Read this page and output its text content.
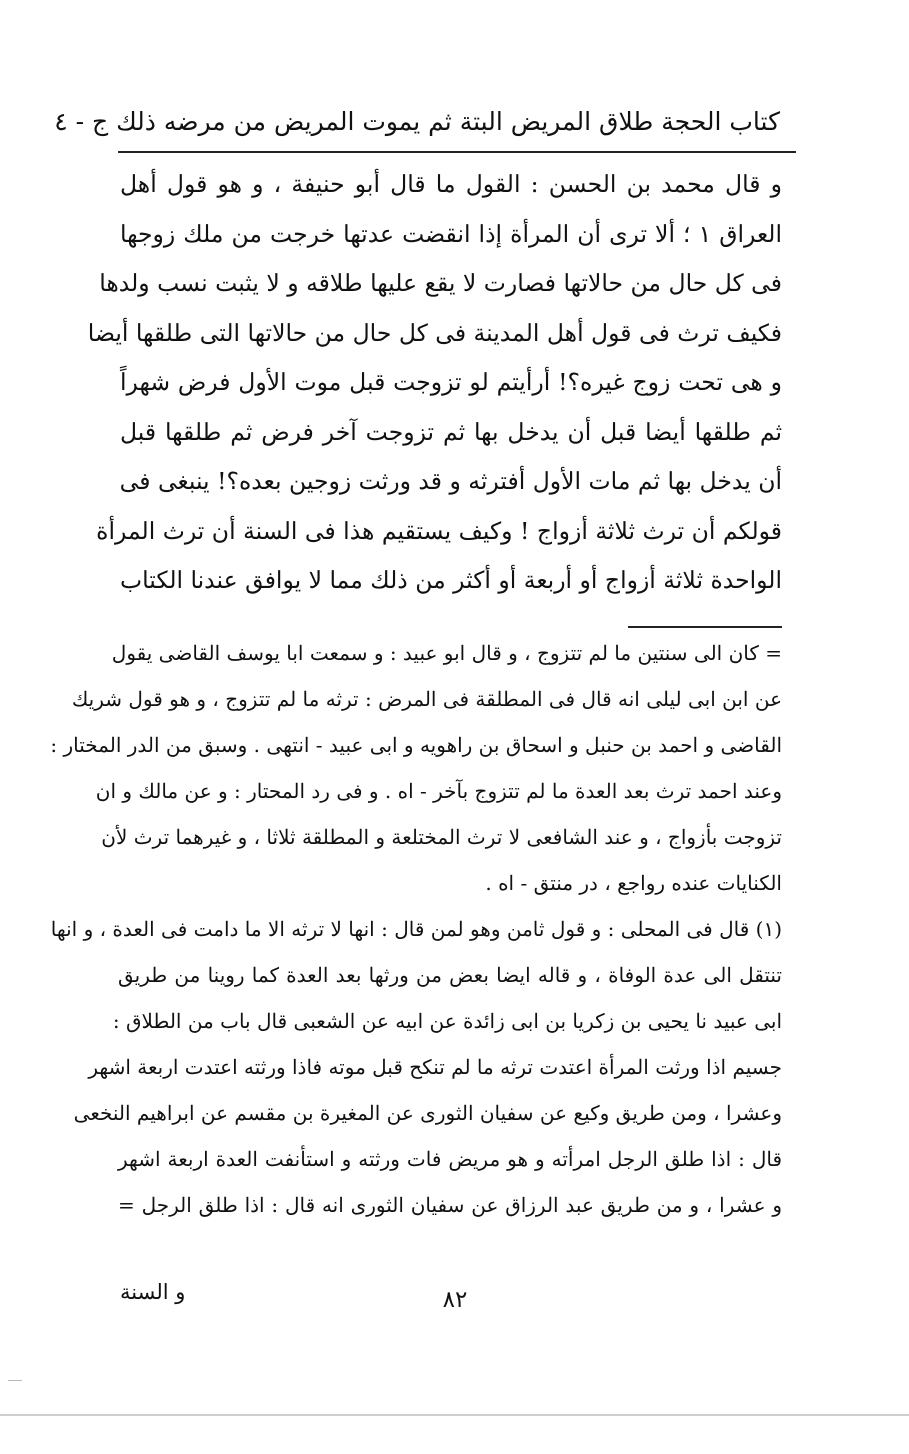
كتاب الحجة طلاق المريض البتة ثم يموت المريض من مرضه ذلك ج - ٤
و قال محمد بن الحسن : القول ما قال أبو حنيفة ، و هو قول أهل
العراق ١ ؛ ألا ترى أن المرأة إذا انقضت عدتها خرجت من ملك زوجها
فى كل حال من حالاتها فصارت لا يقع عليها طلاقه و لا يثبت نسب ولدها
فكيف ترث فى قول أهل المدينة فى كل حال من حالاتها التى طلقها أيضا
و هى تحت زوج غيره؟! أرأيتم لو تزوجت قبل موت الأول فرض شهراً
ثم طلقها أيضا قبل أن يدخل بها ثم تزوجت آخر فرض ثم طلقها قبل
أن يدخل بها ثم مات الأول أفترثه و قد ورثت زوجين بعده؟! ينبغى فى
قولكم أن ترث ثلاثة أزواج ! وكيف يستقيم هذا فى السنة أن ترث المرأة
الواحدة ثلاثة أزواج أو أربعة أو أكثر من ذلك مما لا يوافق عندنا الكتاب
= كان الى سنتين ما لم تتزوج ، و قال ابو عبيد : و سمعت ابا يوسف القاضى يقول
عن ابن ابى ليلى انه قال فى المطلقة فى المرض : ترثه ما لم تتزوج ، و هو قول شريك
القاضى و احمد بن حنبل و اسحاق بن راهويه و ابى عبيد - انتهى . وسبق من الدر المختار :
وعند احمد ترث بعد العدة ما لم تتزوج بآخر - اه . و فى رد المحتار : و عن مالك و ان
تزوجت بأزواج ، و عند الشافعى لا ترث المختلعة و المطلقة ثلاثا ، و غيرهما ترث لأن
الكنايات عنده رواجع ، در منتق - اه .
(١) قال فى المحلى : و قول ثامن وهو لمن قال : انها لا ترثه الا ما دامت فى العدة ، و انها
تنتقل الى عدة الوفاة ، و قاله ايضا بعض من ورثها بعد العدة كما روينا من طريق
ابى عبيد نا يحيى بن زكريا بن ابى زائدة عن ابيه عن الشعبى قال باب من الطلاق :
جسيم اذا ورثت المرأة اعتدت ترثه ما لم تنكح قبل موته فاذا ورثته اعتدت اربعة اشهر
وعشرا ، ومن طريق وكيع عن سفيان الثورى عن المغيرة بن مقسم عن ابراهيم النخعى
قال : اذا طلق الرجل امرأته و هو مريض فات ورثته و استأنفت العدة اربعة اشهر
و عشرا ، و من طريق عبد الرزاق عن سفيان الثورى انه قال : اذا طلق الرجل =
٨٢
و السنة
